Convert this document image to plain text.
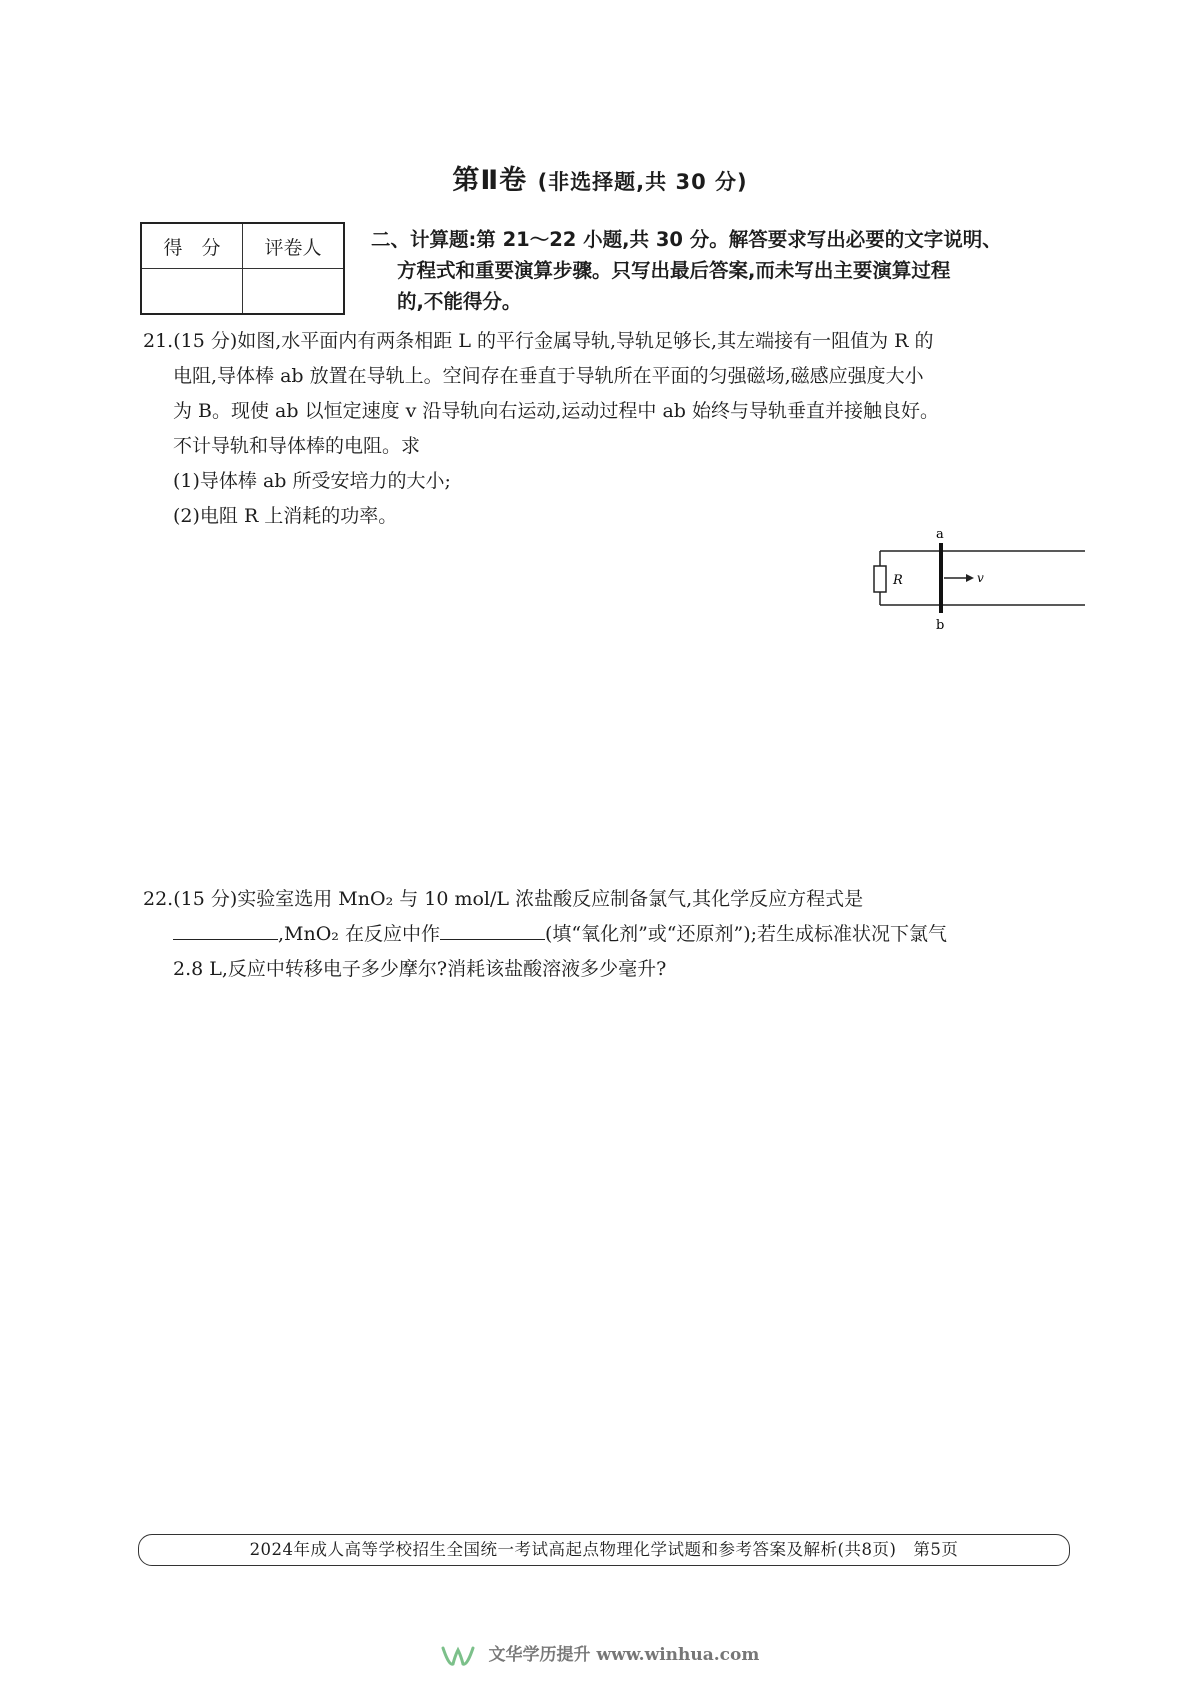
第Ⅱ卷 (非选择题,共 30 分)
得　分	评卷人
		二、计算题:第 21～22 小题,共 30 分。解答要求写出必要的文字说明、
方程式和重要演算步骤。只写出最后答案,而未写出主要演算过程
的,不能得分。
21.(15 分)如图,水平面内有两条相距 L 的平行金属导轨,导轨足够长,其左端接有一阻值为 R 的
电阻,导体棒 ab 放置在导轨上。空间存在垂直于导轨所在平面的匀强磁场,磁感应强度大小
为 B。现使 ab 以恒定速度 v 沿导轨向右运动,运动过程中 ab 始终与导轨垂直并接触良好。
不计导轨和导体棒的电阻。求
(1)导体棒 ab 所受安培力的大小;
(2)电阻 R 上消耗的功率。
R
a
b
v
22.(15 分)实验室选用 MnO₂ 与 10 mol/L 浓盐酸反应制备氯气,其化学反应方程式是
,MnO₂ 在反应中作	(填“氧化剂”或“还原剂”);若生成标准状况下氯气
2.8 L,反应中转移电子多少摩尔?消耗该盐酸溶液多少毫升?
2024年成人高等学校招生全国统一考试高起点物理化学试题和参考答案及解析(共8页)　第5页
文华学历提升 www.winhua.com
